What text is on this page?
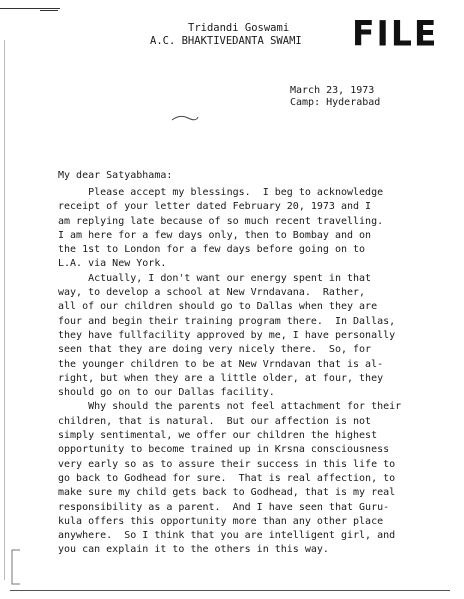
Tridandi Goswami
A.C. BHAKTIVEDANTA SWAMI FILE
March 23, 1973
Camp: Hyderabad
My dear Satyabhama:
Please accept my blessings.  I beg to acknowledge
receipt of your letter dated February 20, 1973 and I
am replying late because of so much recent travelling.
I am here for a few days only, then to Bombay and on
the 1st to London for a few days before going on to
L.A. via New York.
Actually, I don't want our energy spent in that
way, to develop a school at New Vrndavana.  Rather,
all of our children should go to Dallas when they are
four and begin their training program there.  In Dallas,
they have fullfacility approved by me, I have personally
seen that they are doing very nicely there.  So, for
the younger children to be at New Vrndavan that is al-
right, but when they are a little older, at four, they
should go on to our Dallas facility.
Why should the parents not feel attachment for their
children, that is natural.  But our affection is not
simply sentimental, we offer our children the highest
opportunity to become trained up in Krsna consciousness
very early so as to assure their success in this life to
go back to Godhead for sure.  That is real affection, to
make sure my child gets back to Godhead, that is my real
responsibility as a parent.  And I have seen that Guru-
kula offers this opportunity more than any other place
anywhere.  So I think that you are intelligent girl, and
you can explain it to the others in this way.
